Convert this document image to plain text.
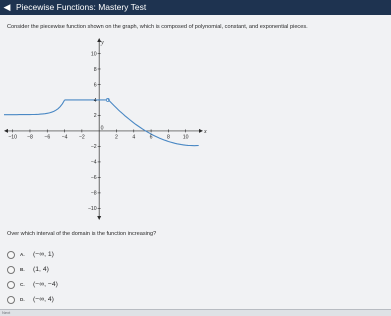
◀ Piecewise Functions: Mastery Test
Consider the piecewise function shown on the graph, which is composed of polynomial, constant, and exponential pieces.
−10 −8 −6 −4 −2	2	4	6	8 10
10
8
6
4
2
−2
−4
−6
−8
−10
0
x
y
Over which interval of the domain is the function increasing?
A. (−∞, 1)
B. (1, 4)
C. (−∞, −4)
D. (−∞, 4)
Next
